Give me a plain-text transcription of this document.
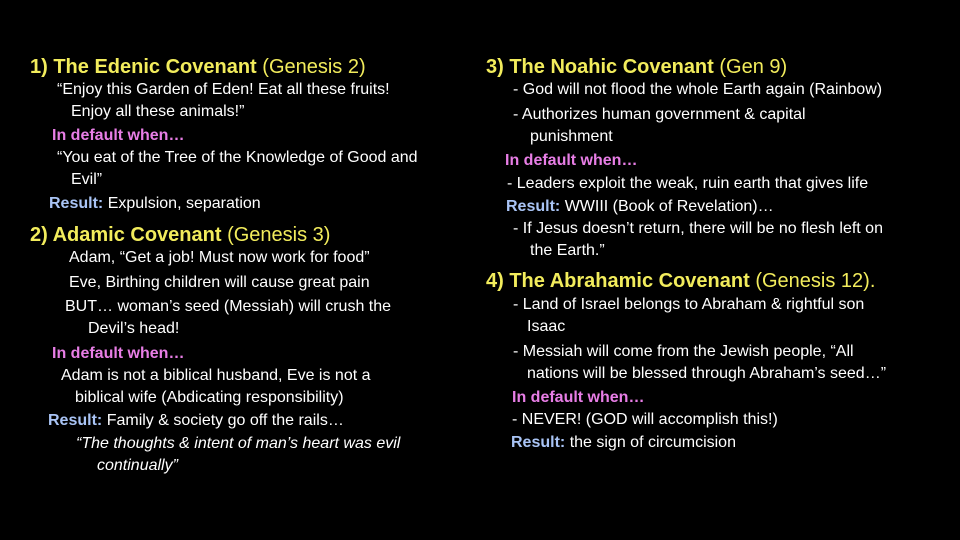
1) The Edenic Covenant (Genesis 2)
“Enjoy this Garden of Eden! Eat all these fruits!
Enjoy all these animals!”
In default when…
“You eat of the Tree of the Knowledge of Good and
Evil”
Result: Expulsion, separation
2) Adamic Covenant (Genesis 3)
Adam, “Get a job! Must now work for food”
Eve, Birthing children will cause great pain
BUT… woman’s seed (Messiah) will crush the
Devil’s head!
In default when…
Adam is not a biblical husband, Eve is not a
biblical wife (Abdicating responsibility)
Result: Family & society go off the rails…
“The thoughts & intent of man’s heart was evil
continually”
3) The Noahic Covenant (Gen 9)
- God will not flood the whole Earth again (Rainbow)
- Authorizes human government & capital
punishment
In default when…
- Leaders exploit the weak, ruin earth that gives life
Result: WWIII (Book of Revelation)…
- If Jesus doesn’t return, there will be no flesh left on
the Earth.”
4) The Abrahamic Covenant (Genesis 12).
- Land of Israel belongs to Abraham & rightful son
Isaac
- Messiah will come from the Jewish people, “All
nations will be blessed through Abraham’s seed…”
In default when…
- NEVER! (GOD will accomplish this!)
Result: the sign of circumcision
